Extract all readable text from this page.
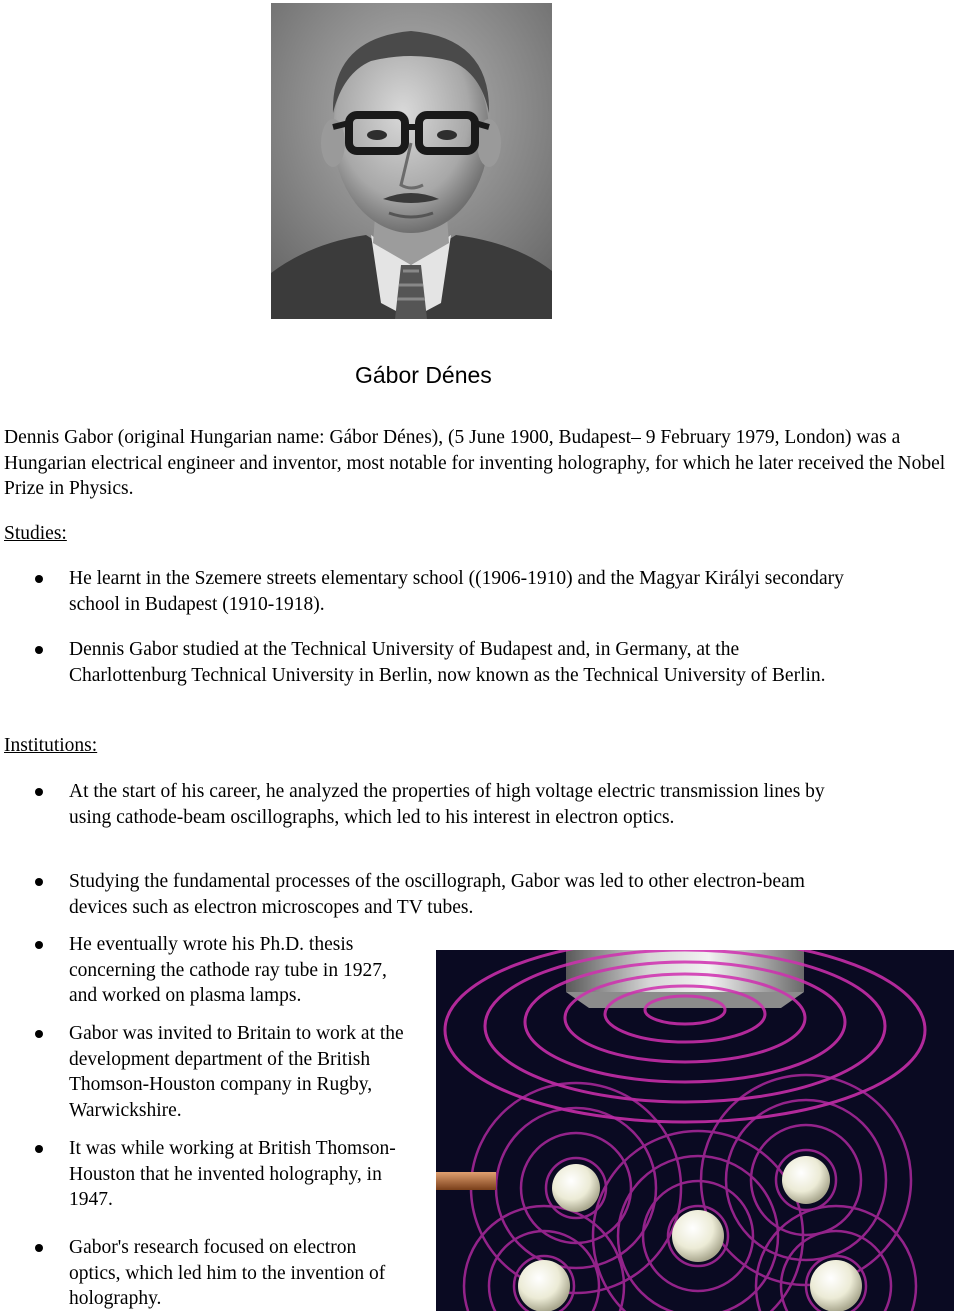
Gábor Dénes
Dennis Gabor (original Hungarian name: Gábor Dénes), (5 June 1900, Budapest– 9 February 1979, London) was a Hungarian electrical engineer and inventor, most notable for inventing holography, for which he later received the Nobel Prize in Physics.
Studies:
He learnt in the Szemere streets elementary school ((1906-1910) and the Magyar Királyi secondary school in Budapest (1910-1918).
Dennis Gabor studied at the Technical University of Budapest and, in Germany, at the Charlottenburg Technical University in Berlin, now known as the Technical University of Berlin.
Institutions:
At the start of his career, he analyzed the properties of high voltage electric transmission lines by using cathode-beam oscillographs, which led to his interest in electron optics.
Studying the fundamental processes of the oscillograph, Gabor was led to other electron-beam devices such as electron microscopes and TV tubes.
He eventually wrote his Ph.D. thesis concerning the cathode ray tube in 1927, and worked on plasma lamps.
Gabor was invited to Britain to work at the development department of the British Thomson-Houston company in Rugby, Warwickshire.
It was while working at British Thomson-Houston that he invented holography, in 1947.
Gabor's research focused on electron optics, which led him to the invention of holography.
